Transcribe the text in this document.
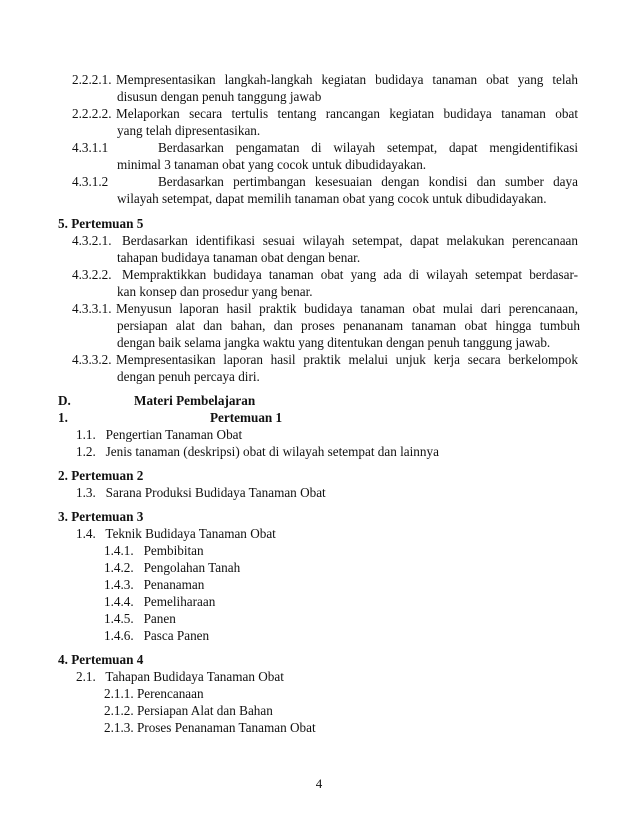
2.2.2.1. Mempresentasikan langkah-langkah kegiatan budidaya tanaman obat yang telah
disusun dengan penuh tanggung jawab
2.2.2.2. Melaporkan secara tertulis tentang rancangan kegiatan budidaya tanaman obat
yang telah dipresentasikan.
4.3.1.1	Berdasarkan pengamatan di wilayah setempat, dapat mengidentifikasi
minimal 3 tanaman obat yang cocok untuk dibudidayakan.
4.3.1.2	Berdasarkan pertimbangan kesesuaian dengan kondisi dan sumber daya
wilayah setempat, dapat memilih tanaman obat yang cocok untuk dibudidayakan.
5. Pertemuan 5
4.3.2.1. Berdasarkan identifikasi sesuai wilayah setempat, dapat melakukan perencanaan
tahapan budidaya tanaman obat dengan benar.
4.3.2.2. Mempraktikkan budidaya tanaman obat yang ada di wilayah setempat berdasar-
kan konsep dan prosedur yang benar.
4.3.3.1. Menyusun laporan hasil praktik budidaya tanaman obat mulai dari perencanaan,
persiapan alat dan bahan, dan proses penananam tanaman obat hingga tumbuh
dengan baik selama jangka waktu yang ditentukan dengan penuh tanggung jawab.
4.3.3.2. Mempresentasikan laporan hasil praktik melalui unjuk kerja secara berkelompok
dengan penuh percaya diri.
D.	Materi Pembelajaran
1.	Pertemuan 1
1.1.   Pengertian Tanaman Obat
1.2.   Jenis tanaman (deskripsi) obat di wilayah setempat dan lainnya
2. Pertemuan 2
1.3.   Sarana Produksi Budidaya Tanaman Obat
3. Pertemuan 3
1.4.   Teknik Budidaya Tanaman Obat
1.4.1.   Pembibitan
1.4.2.   Pengolahan Tanah
1.4.3.   Penanaman
1.4.4.   Pemeliharaan
1.4.5.   Panen
1.4.6.   Pasca Panen
4. Pertemuan 4
2.1.   Tahapan Budidaya Tanaman Obat
2.1.1. Perencanaan
2.1.2. Persiapan Alat dan Bahan
2.1.3. Proses Penanaman Tanaman Obat
4
